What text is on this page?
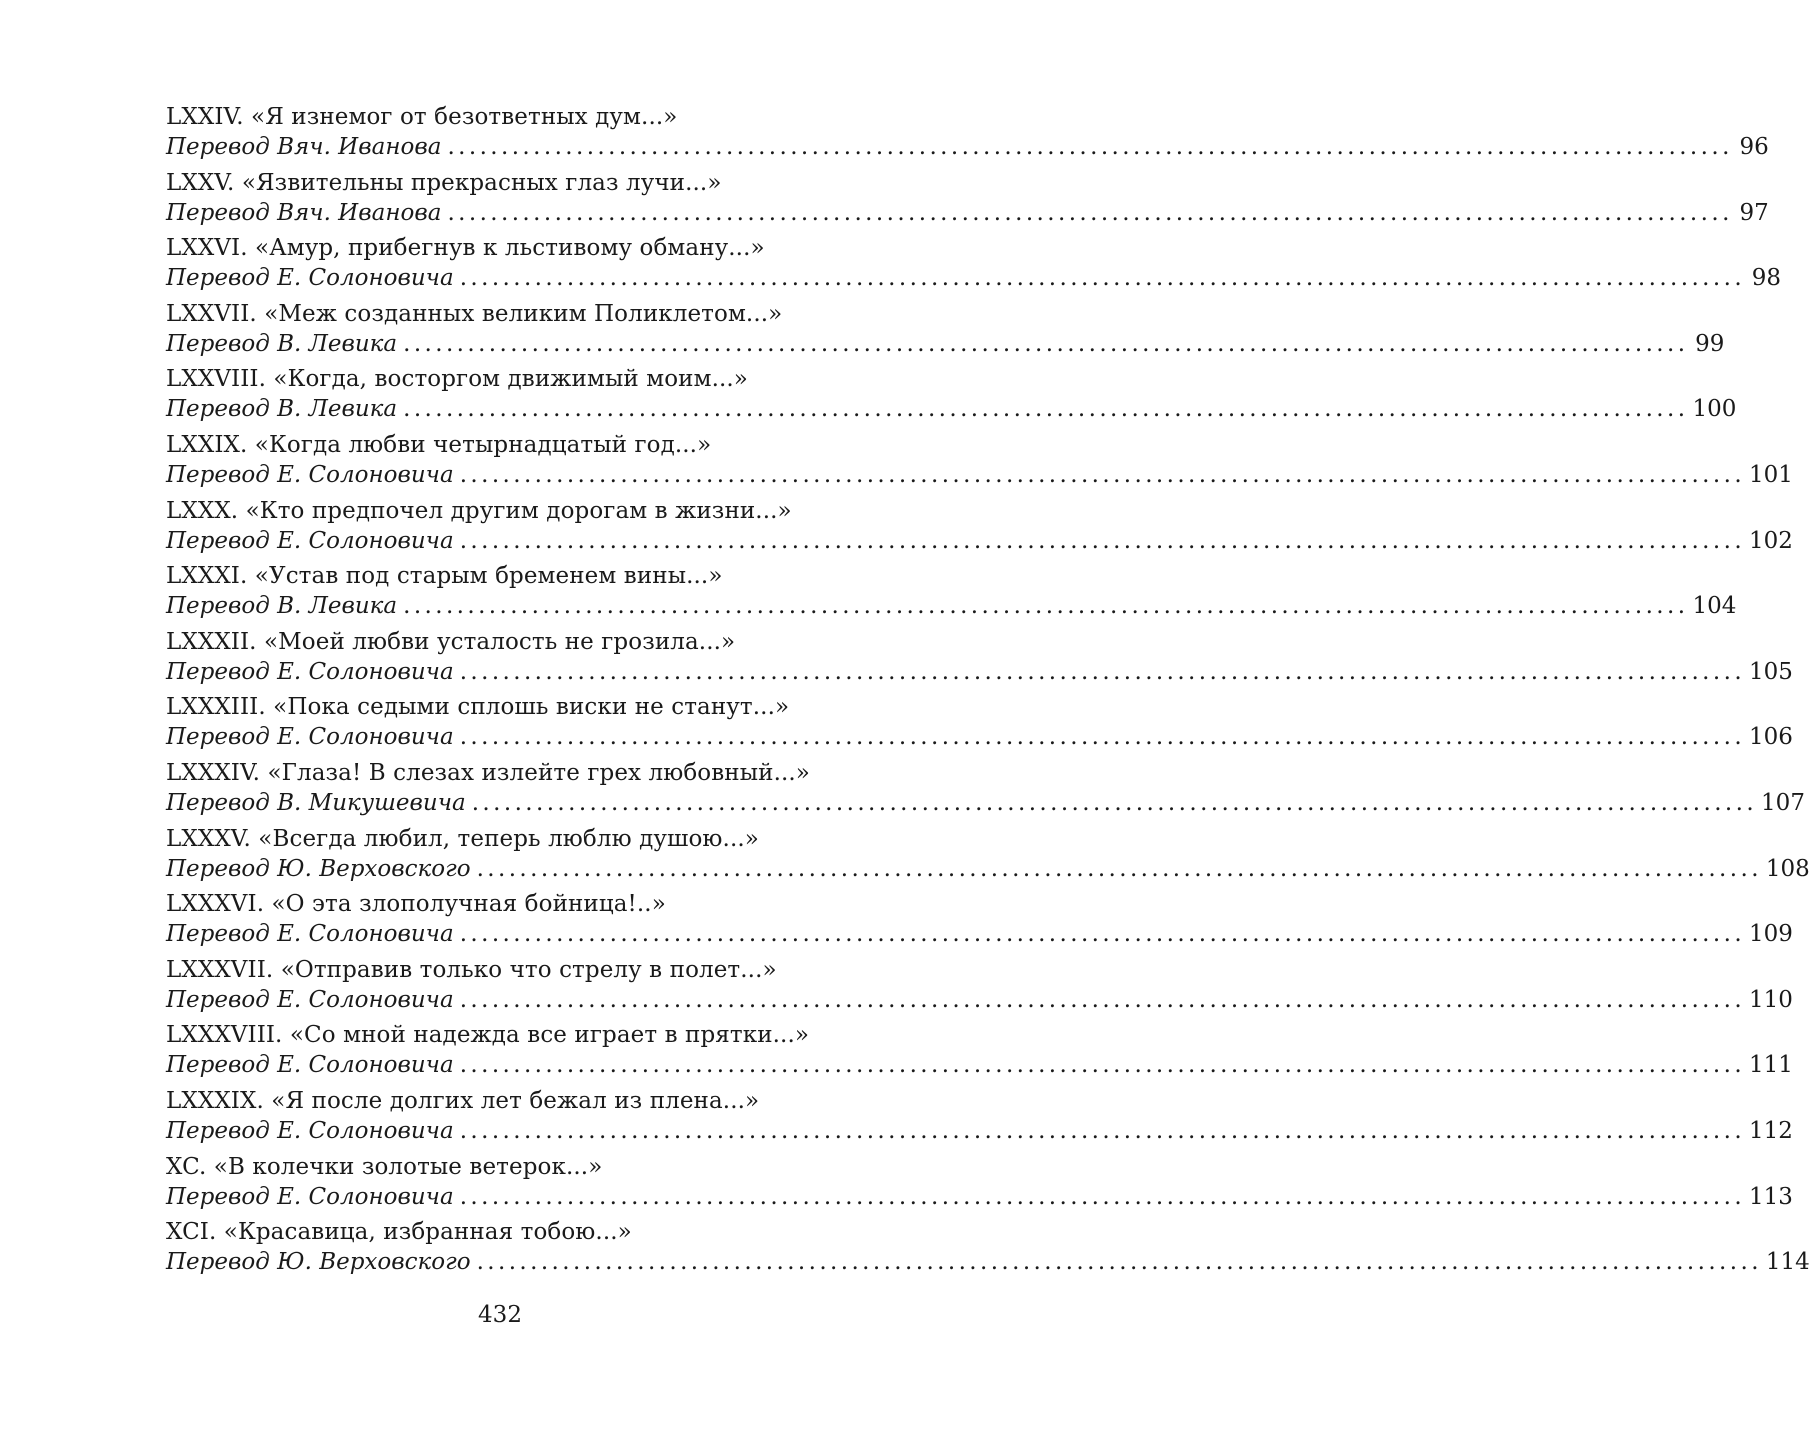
LXXIV. «Я изнемог от безответных дум...»
Перевод Вяч. Иванова ........................................................................................................................ 96
LXXV. «Язвительны прекрасных глаз лучи...»
Перевод Вяч. Иванова ........................................................................................................................ 97
LXXVI. «Амур, прибегнув к льстивому обману...»
Перевод Е. Солоновича ........................................................................................................................ 98
LXXVII. «Меж созданных великим Поликлетом...»
Перевод В. Левика ........................................................................................................................ 99
LXXVIII. «Когда, восторгом движимый моим...»
Перевод В. Левика ........................................................................................................................ 100
LXXIX. «Когда любви четырнадцатый год...»
Перевод Е. Солоновича ........................................................................................................................ 101
LXXX. «Кто предпочел другим дорогам в жизни...»
Перевод Е. Солоновича ........................................................................................................................ 102
LXXXI. «Устав под старым бременем вины...»
Перевод В. Левика ........................................................................................................................ 104
LXXXII. «Моей любви усталость не грозила...»
Перевод Е. Солоновича ........................................................................................................................ 105
LXXXIII. «Пока седыми сплошь виски не станут...»
Перевод Е. Солоновича ........................................................................................................................ 106
LXXXIV. «Глаза! В слезах излейте грех любовный...»
Перевод В. Микушевича ........................................................................................................................ 107
LXXXV. «Всегда любил, теперь люблю душою...»
Перевод Ю. Верховского ........................................................................................................................ 108
LXXXVI. «О эта злополучная бойница!..»
Перевод Е. Солоновича ........................................................................................................................ 109
LXXXVII. «Отправив только что стрелу в полет...»
Перевод Е. Солоновича ........................................................................................................................ 110
LXXXVIII. «Со мной надежда все играет в прятки...»
Перевод Е. Солоновича ........................................................................................................................ 111
LXXXIX. «Я после долгих лет бежал из плена...»
Перевод Е. Солоновича ........................................................................................................................ 112
XC. «В колечки золотые ветерок...»
Перевод Е. Солоновича ........................................................................................................................ 113
XCI. «Красавица, избранная тобою...»
Перевод Ю. Верховского ........................................................................................................................ 114
432
